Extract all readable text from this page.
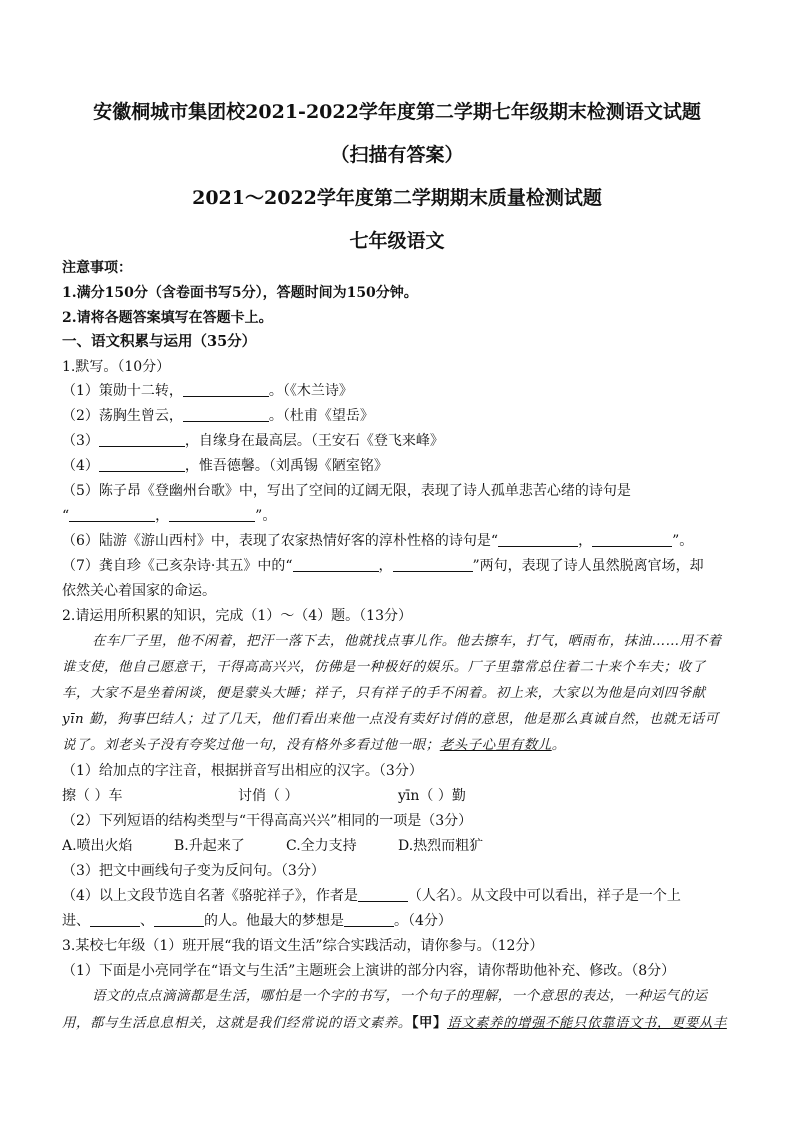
安徽桐城市集团校2021-2022学年度第二学期七年级期末检测语文试题
（扫描有答案）
2021～2022学年度第二学期期末质量检测试题
七年级语文
注意事项：
1.满分150分（含卷面书写5分），答题时间为150分钟。
2.请将各题答案填写在答题卡上。
一、语文积累与运用（35分）
1.默写。（10分）
（1）策勋十二转，	。（《木兰诗》
（2）荡胸生曾云，	。（杜甫《望岳》
（3）	，自缘身在最高层。（王安石《登飞来峰》
（4）	，惟吾德馨。（刘禹锡《陋室铭》
（5）陈子昂《登幽州台歌》中，写出了空间的辽阔无限，表现了诗人孤单悲苦心绪的诗句是
“	，	”。
（6）陆游《游山西村》中，表现了农家热情好客的淳朴性格的诗句是“	，	”。
（7）龚自珍《己亥杂诗·其五》中的“	，	”两句，表现了诗人虽然脱离官场，却
依然关心着国家的命运。
2.请运用所积累的知识，完成（1）～（4）题。（13分）
在车厂子里，他不闲着，把汗一落下去，他就找点事儿作。他去擦车，打气，晒雨布，抹油……用不着
谁支使，他自己愿意干，干得高高兴兴，仿佛是一种极好的娱乐。厂子里靠常总住着二十来个车夫；收了
车，大家不是坐着闲谈，便是蒙头大睡；祥子，只有祥子的手不闲着。初上来，大家以为他是向刘四爷献
yīn 勤，狗事巴结人；过了几天，他们看出来他一点没有卖好讨俏的意思，他是那么真诚自然，也就无话可
说了。刘老头子没有夸奖过他一句，没有格外多看过他一眼；老头子心里有数儿。
（1）给加点的字注音，根据拼音写出相应的汉字。（3分）
擦（ ）车	讨俏（ ）	yīn（ ）勤
（2）下列短语的结构类型与“干得高高兴兴”相同的一项是（3分）
A.喷出火焰	B.升起来了	C.全力支持	D.热烈而粗犷
（3）把文中画线句子变为反问句。（3分）
（4）以上文段节选自名著《骆驼祥子》，作者是	（人名）。从文段中可以看出，祥子是一个上
进、	、	的人。他最大的梦想是	。（4分）
3.某校七年级（1）班开展“我的语文生活”综合实践活动，请你参与。（12分）
（1）下面是小亮同学在“语文与生活”主题班会上演讲的部分内容，请你帮助他补充、修改。（8分）
语文的点点滴滴都是生活，哪怕是一个字的书写，一个句子的理解，一个意思的表达，一种运气的运
用，都与生活息息相关，这就是我们经常说的语文素养。【甲】语文素养的增强不能只依靠语文书，更要从丰
